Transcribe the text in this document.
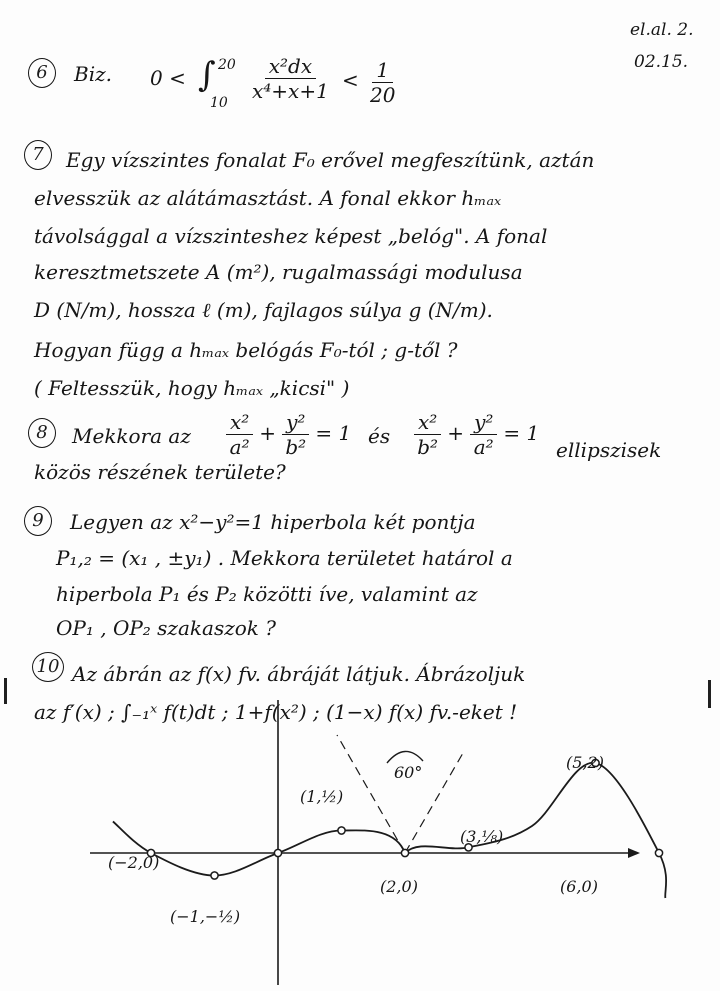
el.al. 2.
02.15.
6	Biz. 0 < ∫ 20
10
$\frac{\text{x²dx}}{\text{x⁴+x+1}} < \frac{1}{20}$
7	Egy vízszintes fonalat F₀ erővel megfeszítünk, aztán
elvesszük az alátámasztást. A fonal ekkor hₘₐₓ
távolsággal a vízszinteshez képest „belóg". A fonal
keresztmetszete A (m²), rugalmassági modulusa
D (N/m), hossza ℓ (m), fajlagos súlya g (N/m).
Hogyan függ a hₘₐₓ belógás F₀-tól ; g-től ?
( Feltesszük, hogy hₘₐₓ „kicsi" )
8	Mekkora az $\frac{\text{x²}}{\text{a²}} + \frac{\text{y²}}{\text{b²}} = 1$ és $\frac{\text{x²}}{\text{b²}} + \frac{\text{y²}}{\text{a²}} = 1$
ellipszisek
közös részének területe?
9	Legyen az x²−y²=1 hiperbola két pontja
P₁,₂ = (x₁ , ±y₁) . Mekkora területet határol a
hiperbola P₁ és P₂ közötti íve, valamint az
OP₁ , OP₂ szakaszok ?
10 Az ábrán az f(x) fv. ábráját látjuk. Ábrázoljuk
az f′(x) ; ∫₋₁ˣ f(t)dt ; 1+f(x²) ; (1−x) f(x) fv.-eket !
(−2,0)
(−1,−½)
(1,½)
(2,0)
(3,⅛)
(5,2)
(6,0)
60°
